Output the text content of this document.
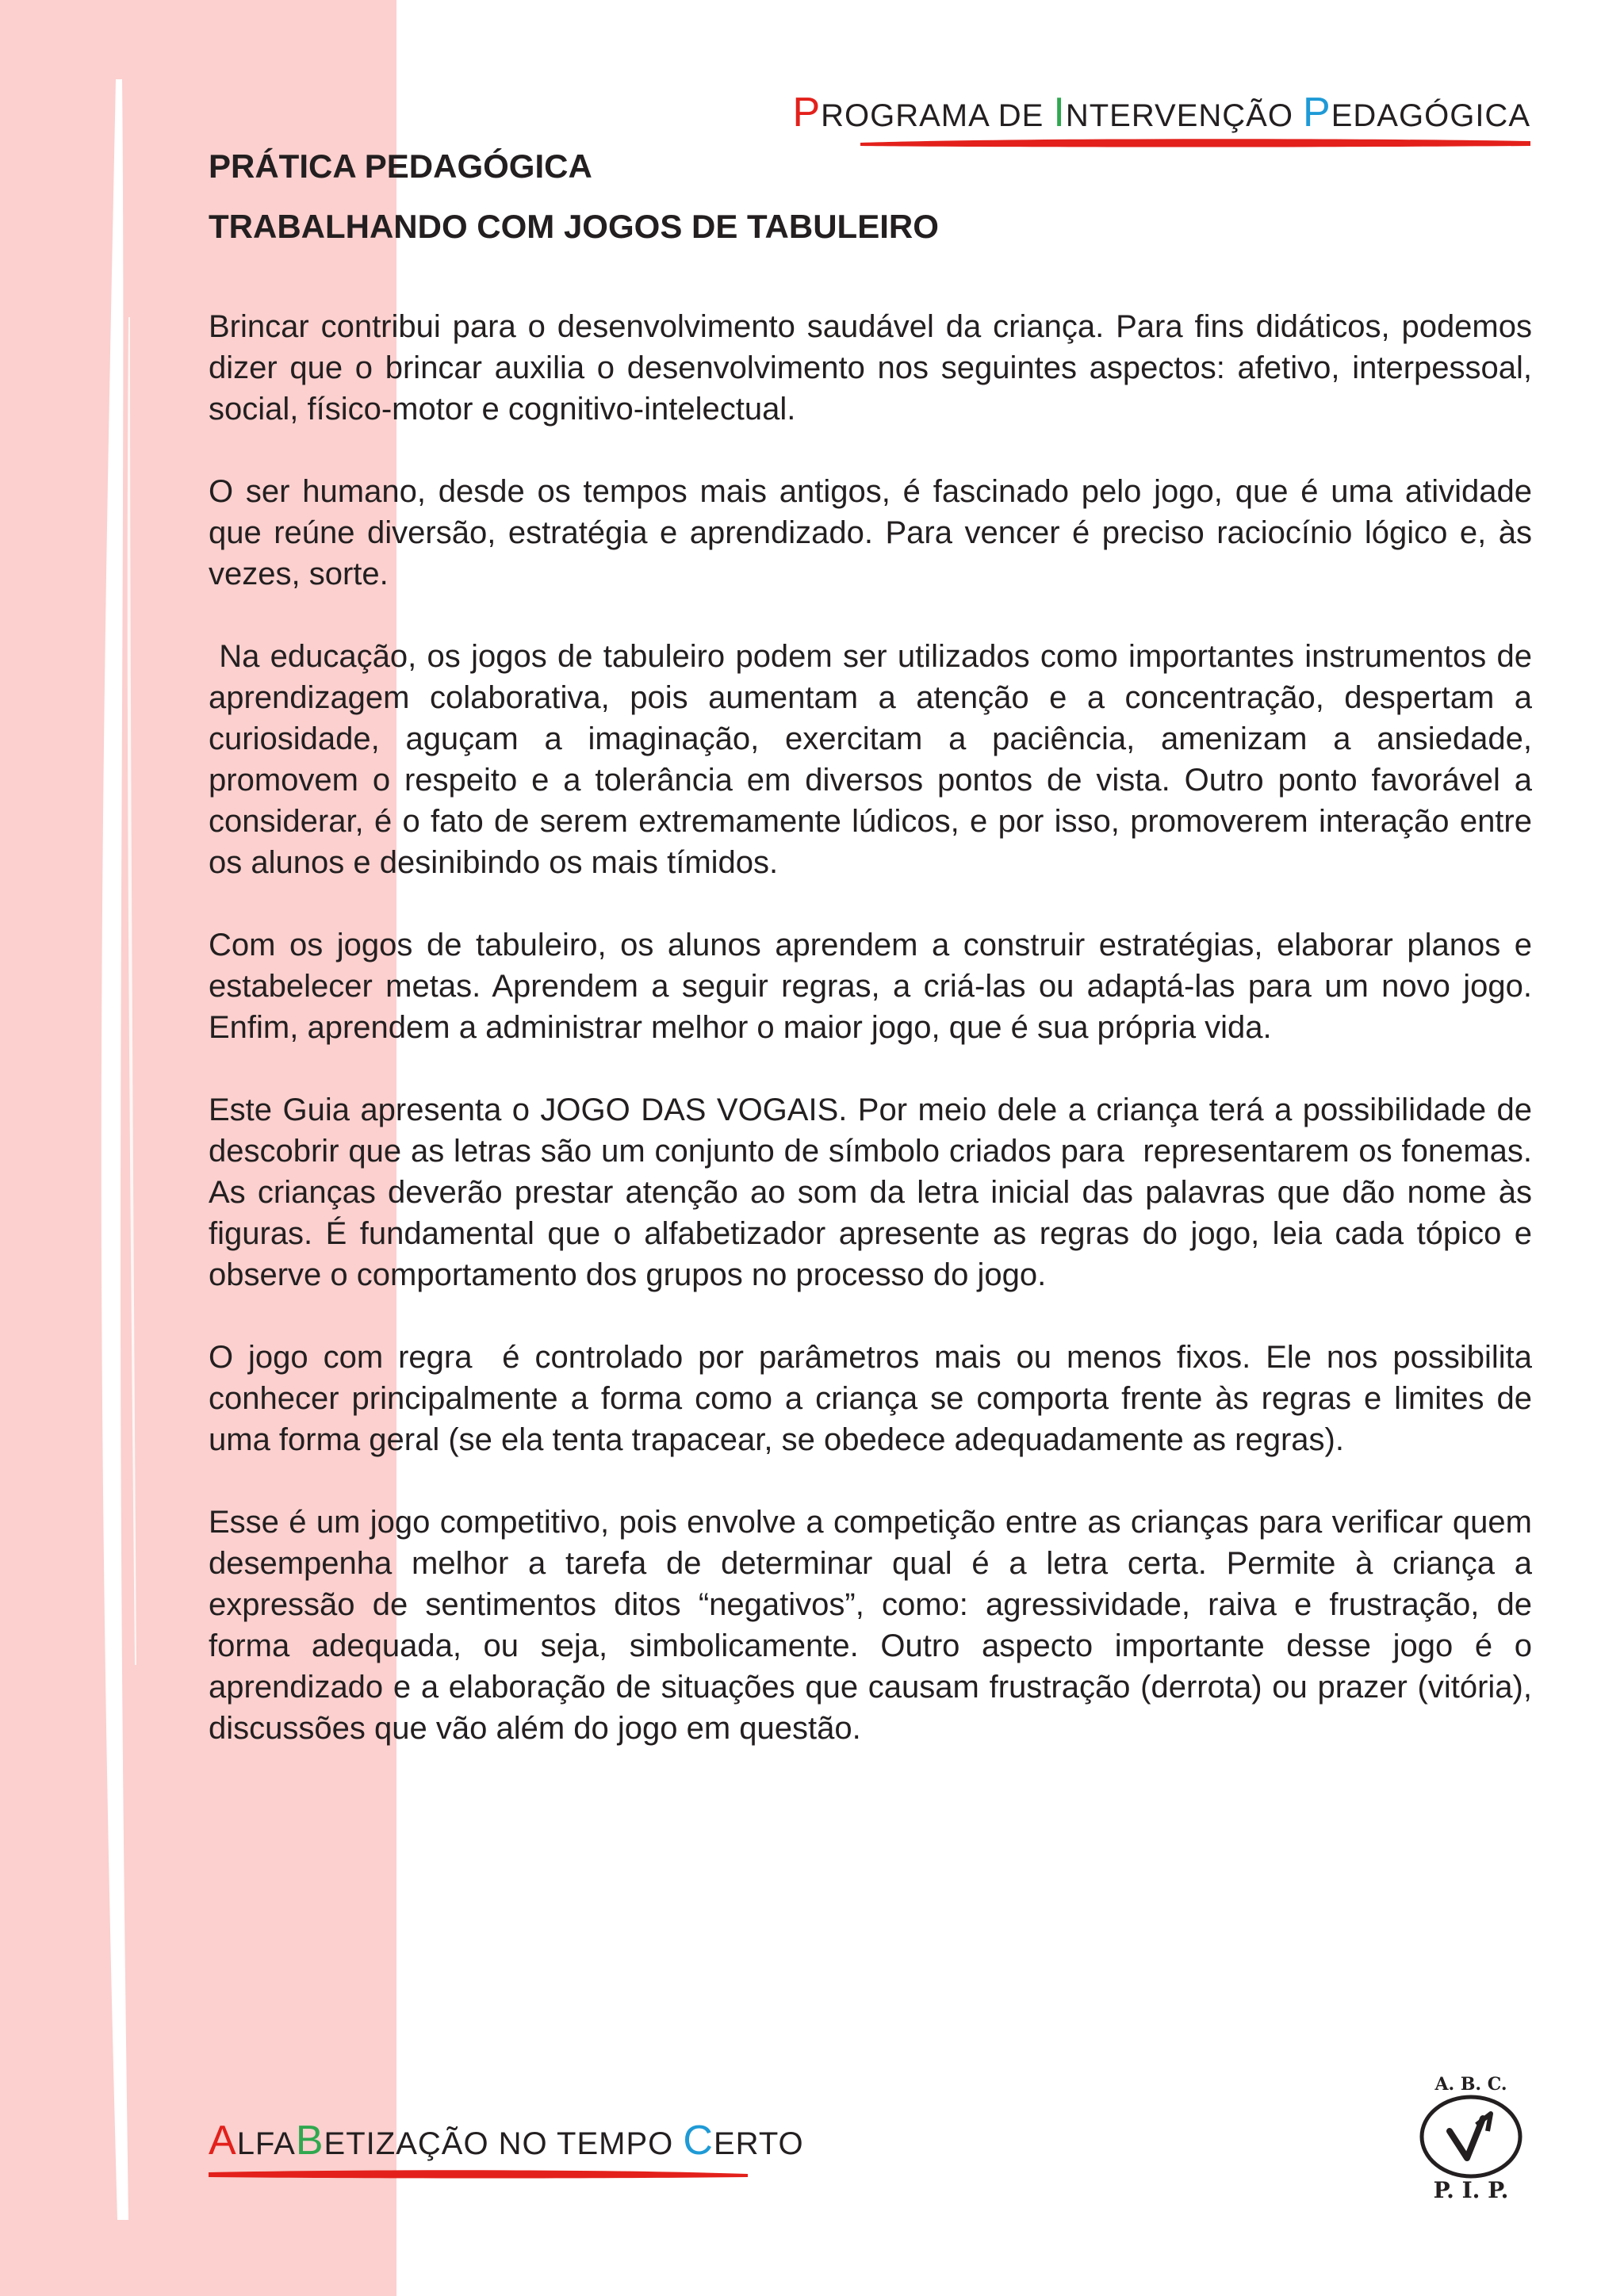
PROGRAMA DE INTERVENÇÃO PEDAGÓGICA
PRÁTICA PEDAGÓGICA
TRABALHANDO COM JOGOS DE TABULEIRO

Brincar contribui para o desenvolvimento saudável da criança. Para fins didáticos, podemos dizer que o brincar auxilia o desenvolvimento nos seguintes aspectos: afetivo, interpessoal, social, físico-motor e cognitivo-intelectual.

O ser humano, desde os tempos mais antigos, é fascinado pelo jogo, que é uma atividade que reúne diversão, estratégia e aprendizado. Para vencer é preciso raciocínio lógico e, às vezes, sorte.

Na educação, os jogos de tabuleiro podem ser utilizados como importantes instrumentos de aprendizagem colaborativa, pois aumentam a atenção e a concentração, despertam a curiosidade, aguçam a imaginação, exercitam a paciência, amenizam a ansiedade, promovem o respeito e a tolerância em diversos pontos de vista. Outro ponto favorável a considerar, é o fato de serem extremamente lúdicos, e por isso, promoverem interação entre os alunos e desinibindo os mais tímidos.

Com os jogos de tabuleiro, os alunos aprendem a construir estratégias, elaborar planos e estabelecer metas. Aprendem a seguir regras, a criá-las ou adaptá-las para um novo jogo. Enfim, aprendem a administrar melhor o maior jogo, que é sua própria vida.

Este Guia apresenta o JOGO DAS VOGAIS. Por meio dele a criança terá a possibilidade de descobrir que as letras são um conjunto de símbolo criados para  representarem os fonemas. As crianças deverão prestar atenção ao som da letra inicial das palavras que dão nome às figuras. É fundamental que o alfabetizador apresente as regras do jogo, leia cada tópico e observe o comportamento dos grupos no processo do jogo.

O jogo com regra  é controlado por parâmetros mais ou menos fixos. Ele nos possibilita conhecer principalmente a forma como a criança se comporta frente às regras e limites de uma forma geral (se ela tenta trapacear, se obedece adequadamente as regras).

Esse é um jogo competitivo, pois envolve a competição entre as crianças para verificar quem desempenha melhor a tarefa de determinar qual é a letra certa. Permite à criança a expressão de sentimentos ditos “negativos”, como: agressividade, raiva e frustração, de forma adequada, ou seja, simbolicamente. Outro aspecto importante desse jogo é o aprendizado e a elaboração de situações que causam frustração (derrota) ou prazer (vitória), discussões que vão além do jogo em questão.

ALFABETIZAÇÃO NO TEMPO CERTO
A. B. C.
P. I. P.
